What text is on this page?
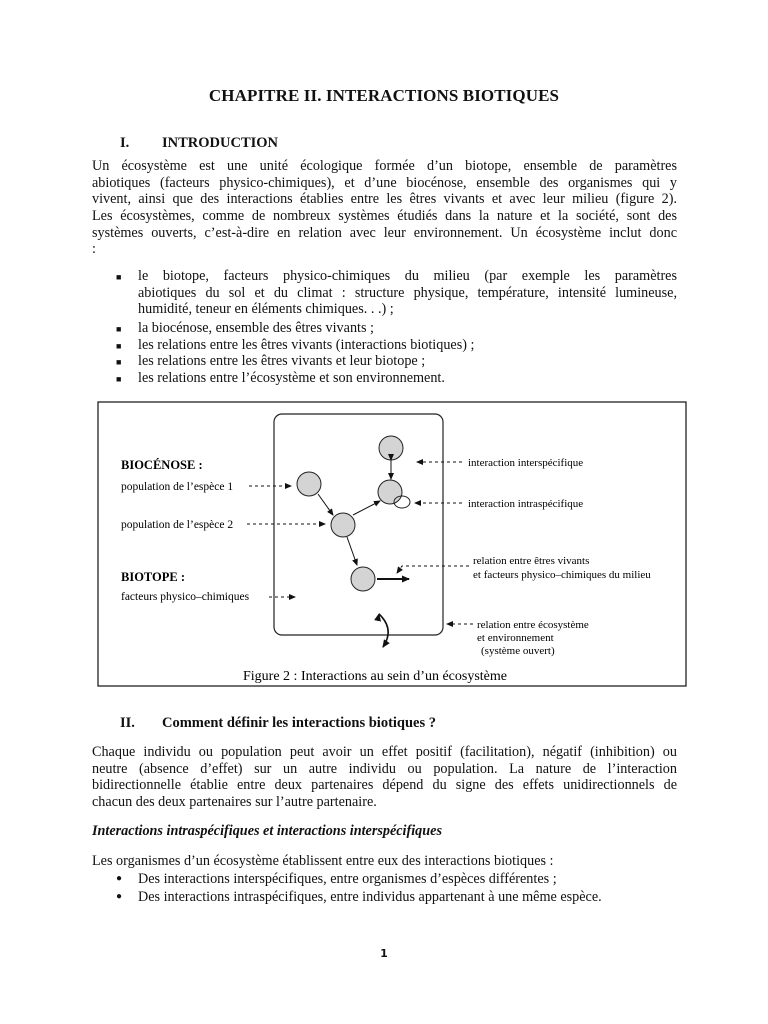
CHAPITRE II. INTERACTIONS BIOTIQUES
I. INTRODUCTION
Un écosystème est une unité écologique formée d’un biotope, ensemble de paramètres
abiotiques (facteurs physico-chimiques), et d’une biocénose, ensemble des organismes qui y
vivent, ainsi que des interactions établies entre les êtres vivants et avec leur milieu (figure 2).
Les écosystèmes, comme de nombreux systèmes étudiés dans la nature et la société, sont des
systèmes ouverts, c’est-à-dire en relation avec leur environnement. Un écosystème inclut donc
:
■ le biotope, facteurs physico-chimiques du milieu (par exemple les paramètres
abiotiques du sol et du climat : structure physique, température, intensité lumineuse,
humidité, teneur en éléments chimiques. . .) ;
■ la biocénose, ensemble des êtres vivants ;
■ les relations entre les êtres vivants (interactions biotiques) ;
■ les relations entre les êtres vivants et leur biotope ;
■ les relations entre l’écosystème et son environnement.
BIOCÉNOSE :
population de l’espèce 1
population de l’espèce 2
BIOTOPE :
facteurs physico–chimiques
interaction interspécifique
interaction intraspécifique
relation entre êtres vivants
et facteurs physico–chimiques du milieu
relation entre écosystème
et environnement
(système ouvert)
Figure 2 : Interactions au sein d’un écosystème
II. Comment définir les interactions biotiques ?
Chaque individu ou population peut avoir un effet positif (facilitation), négatif (inhibition) ou
neutre (absence d’effet) sur un autre individu ou population. La nature de l’interaction
bidirectionnelle établie entre deux partenaires dépend du signe des effets unidirectionnels de
chacun des deux partenaires sur l’autre partenaire.
Interactions intraspécifiques et interactions interspécifiques
Les organismes d’un écosystème établissent entre eux des interactions biotiques :
● Des interactions interspécifiques, entre organismes d’espèces différentes ;
● Des interactions intraspécifiques, entre individus appartenant à une même espèce.
1
